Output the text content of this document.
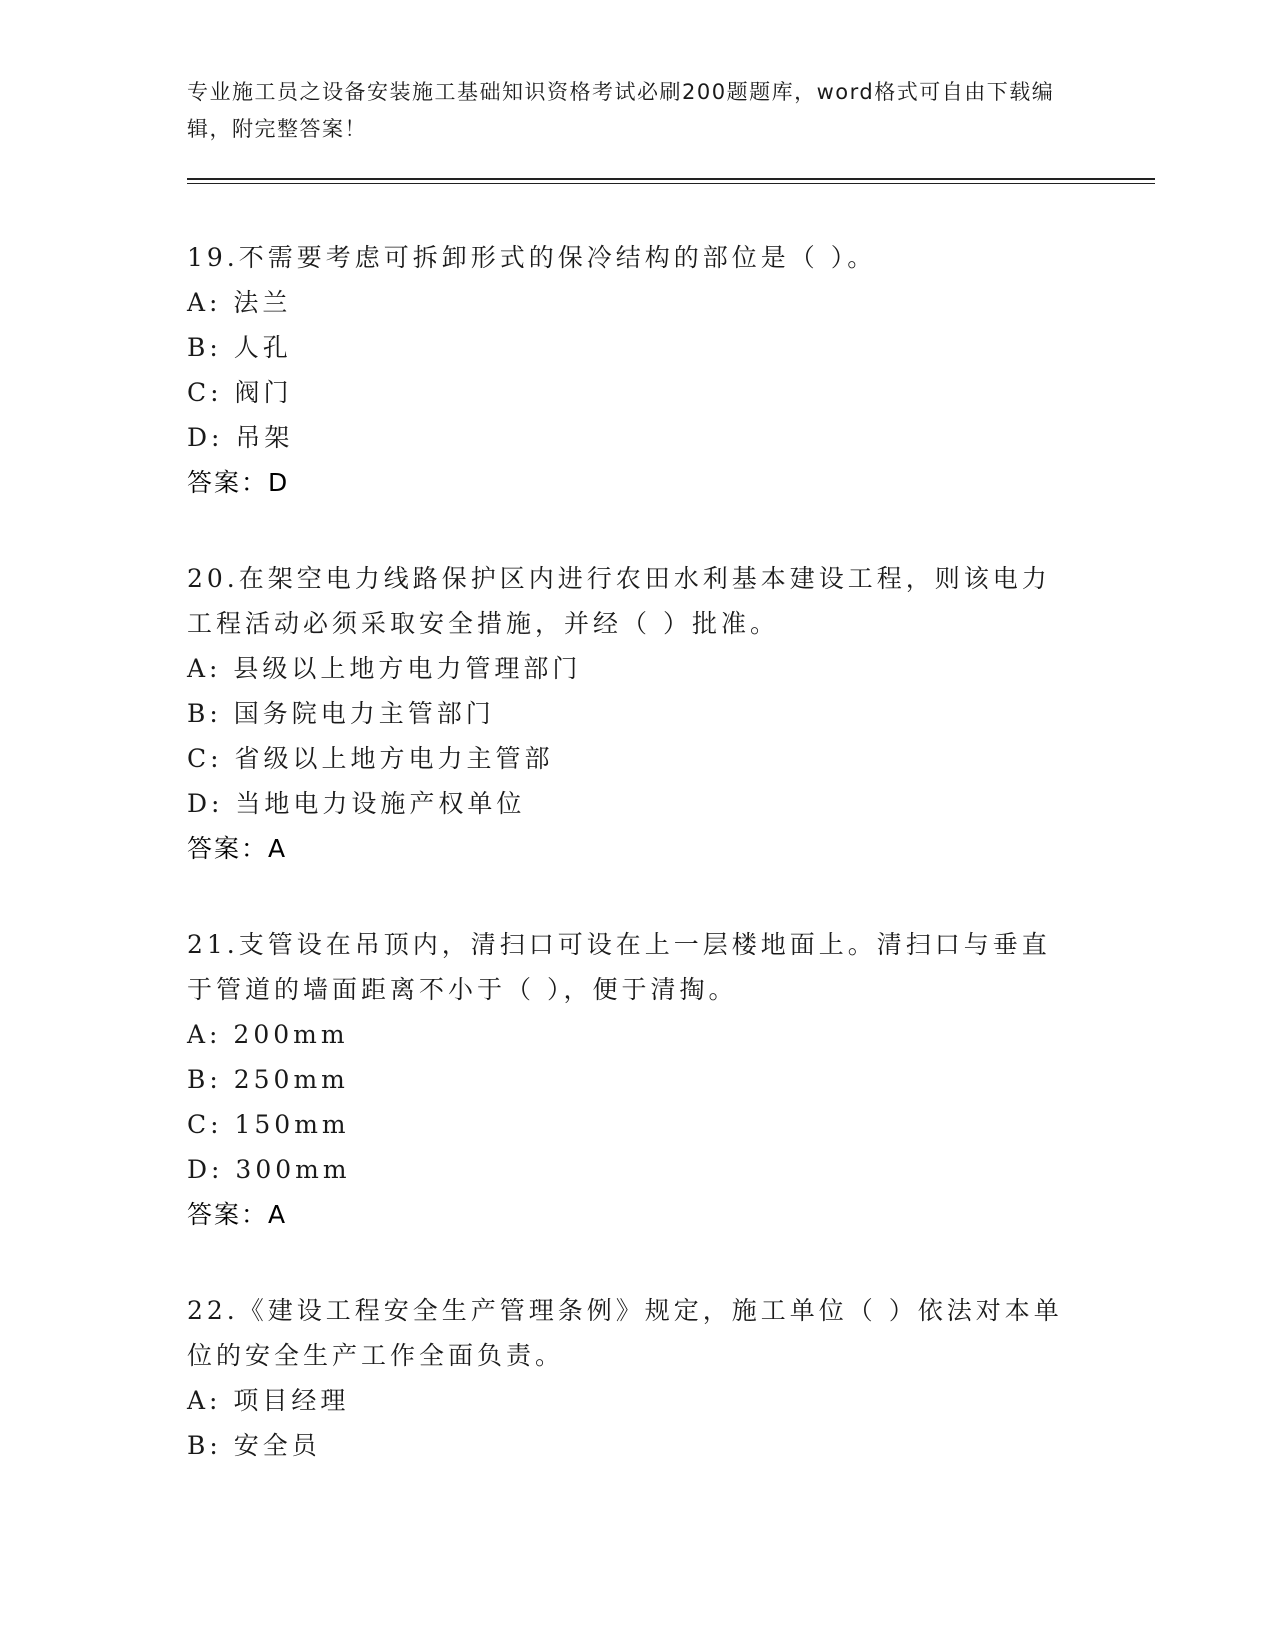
专业施工员之设备安装施工基础知识资格考试必刷200题题库，word格式可自由下载编辑，附完整答案！
19.不需要考虑可拆卸形式的保冷结构的部位是（ ）。
A: 法兰
B: 人孔
C: 阀门
D: 吊架
答案：D
20.在架空电力线路保护区内进行农田水利基本建设工程，则该电力工程活动必须采取安全措施，并经（ ）批准。
A: 县级以上地方电力管理部门
B: 国务院电力主管部门
C: 省级以上地方电力主管部
D: 当地电力设施产权单位
答案：A
21.支管设在吊顶内，清扫口可设在上一层楼地面上。清扫口与垂直于管道的墙面距离不小于（ ），便于清掏。
A: 200mm
B: 250mm
C: 150mm
D: 300mm
答案：A
22.《建设工程安全生产管理条例》规定，施工单位（ ）依法对本单位的安全生产工作全面负责。
A: 项目经理
B: 安全员
